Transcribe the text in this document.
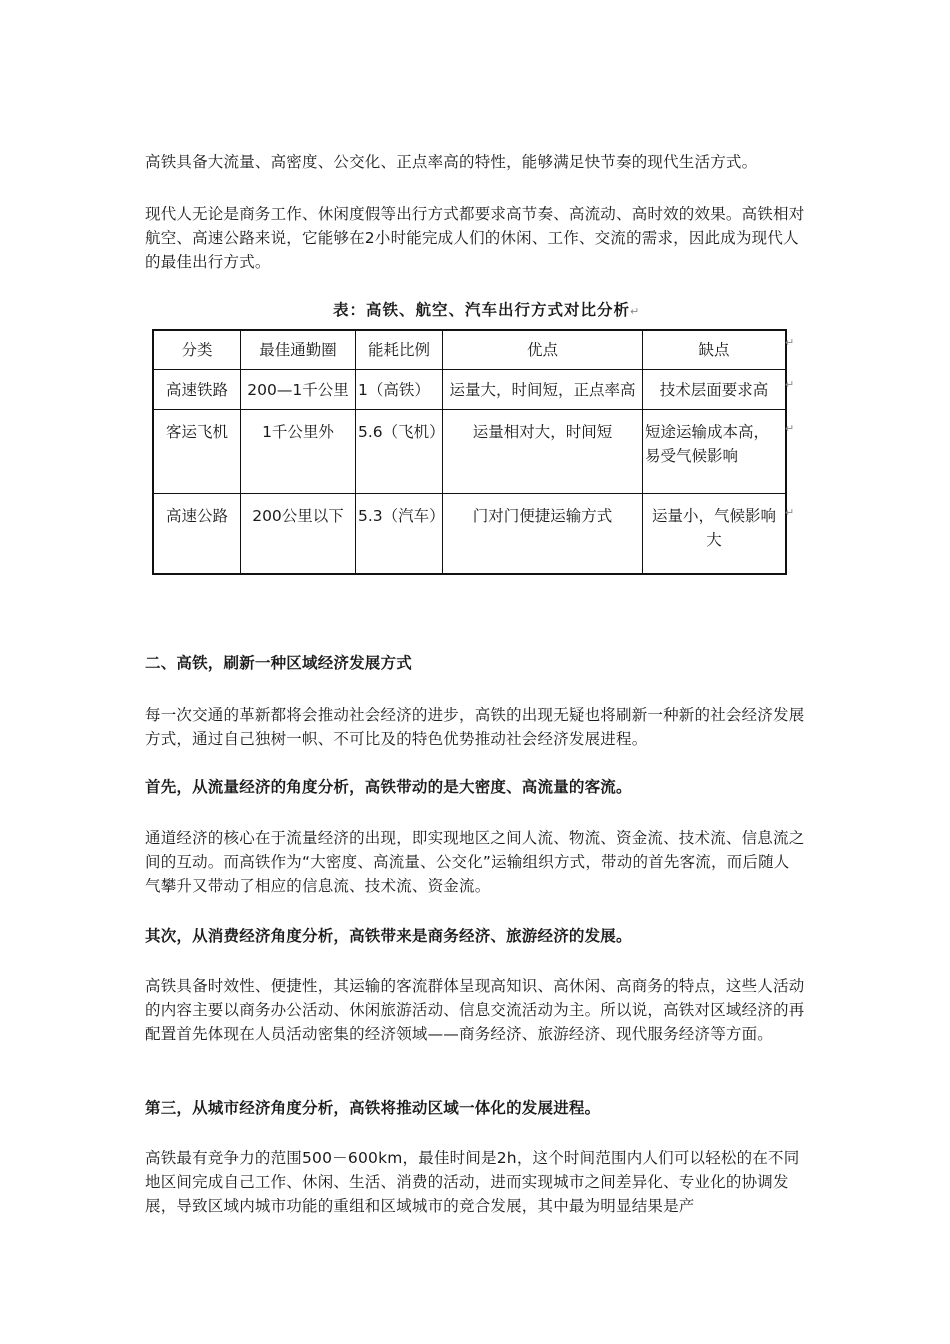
高铁具备大流量、高密度、公交化、正点率高的特性，能够满足快节奏的现代生活方式。

现代人无论是商务工作、休闲度假等出行方式都要求高节奏、高流动、高时效的效果。高铁相对航空、高速公路来说，它能够在2小时能完成人们的休闲、工作、交流的需求，因此成为现代人的最佳出行方式。

表：高铁、航空、汽车出行方式对比分析↵
分类	最佳通勤圈	能耗比例	优点	缺点
高速铁路	200—1千公里	1（高铁）	运量大，时间短，正点率高	技术层面要求高
客运飞机	1千公里外	5.6（飞机）	运量相对大，时间短	短途运输成本高，易受气候影响
高速公路	200公里以下	5.3（汽车）	门对门便捷运输方式	运量小，气候影响大
↵
↵
↵
↵

二、高铁，刷新一种区域经济发展方式

每一次交通的革新都将会推动社会经济的进步，高铁的出现无疑也将刷新一种新的社会经济发展方式，通过自己独树一帜、不可比及的特色优势推动社会经济发展进程。

首先，从流量经济的角度分析，高铁带动的是大密度、高流量的客流。

通道经济的核心在于流量经济的出现，即实现地区之间人流、物流、资金流、技术流、信息流之间的互动。而高铁作为“大密度、高流量、公交化”运输组织方式，带动的首先客流，而后随人气攀升又带动了相应的信息流、技术流、资金流。

其次，从消费经济角度分析，高铁带来是商务经济、旅游经济的发展。

高铁具备时效性、便捷性，其运输的客流群体呈现高知识、高休闲、高商务的特点，这些人活动的内容主要以商务办公活动、休闲旅游活动、信息交流活动为主。所以说，高铁对区域经济的再配置首先体现在人员活动密集的经济领域——商务经济、旅游经济、现代服务经济等方面。

第三，从城市经济角度分析，高铁将推动区域一体化的发展进程。

高铁最有竞争力的范围500－600km，最佳时间是2h，这个时间范围内人们可以轻松的在不同地区间完成自己工作、休闲、生活、消费的活动，进而实现城市之间差异化、专业化的协调发展，导致区域内城市功能的重组和区域城市的竞合发展，其中最为明显结果是产
